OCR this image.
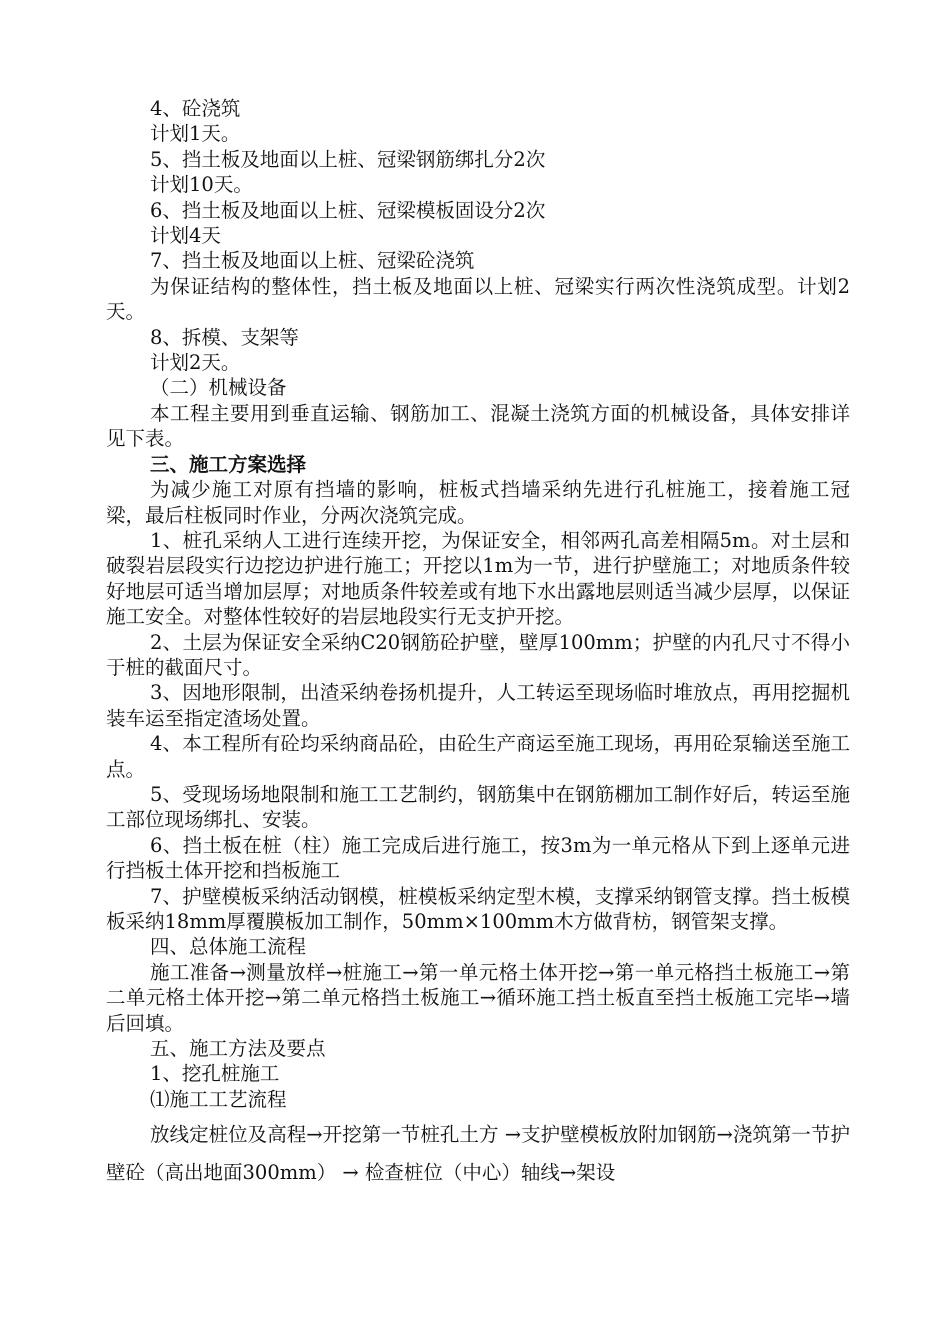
4、砼浇筑

计划1天。

5、挡土板及地面以上桩、冠梁钢筋绑扎分2次

计划10天。

6、挡土板及地面以上桩、冠梁模板固设分2次

计划4天

7、挡土板及地面以上桩、冠梁砼浇筑

为保证结构的整体性，挡土板及地面以上桩、冠梁实行两次性浇筑成型。计划2天。

8、拆模、支架等

计划2天。

（二）机械设备

本工程主要用到垂直运输、钢筋加工、混凝土浇筑方面的机械设备，具体安排详见下表。

三、施工方案选择

为减少施工对原有挡墙的影响，桩板式挡墙采纳先进行孔桩施工，接着施工冠梁，最后柱板同时作业，分两次浇筑完成。

1、桩孔采纳人工进行连续开挖，为保证安全，相邻两孔高差相隔5m。对土层和破裂岩层段实行边挖边护进行施工；开挖以1m为一节，进行护壁施工；对地质条件较好地层可适当增加层厚；对地质条件较差或有地下水出露地层则适当减少层厚，以保证施工安全。对整体性较好的岩层地段实行无支护开挖。

2、土层为保证安全采纳C20钢筋砼护壁，壁厚100mm；护壁的内孔尺寸不得小于桩的截面尺寸。

3、因地形限制，出渣采纳卷扬机提升，人工转运至现场临时堆放点，再用挖掘机装车运至指定渣场处置。

4、本工程所有砼均采纳商品砼，由砼生产商运至施工现场，再用砼泵输送至施工点。

5、受现场场地限制和施工工艺制约，钢筋集中在钢筋棚加工制作好后，转运至施工部位现场绑扎、安装。

6、挡土板在桩（柱）施工完成后进行施工，按3m为一单元格从下到上逐单元进行挡板土体开挖和挡板施工

7、护壁模板采纳活动钢模，桩模板采纳定型木模，支撑采纳钢管支撑。挡土板模板采纳18mm厚覆膜板加工制作，50mm×100mm木方做背枋，钢管架支撑。

四、总体施工流程

施工准备→测量放样→桩施工→第一单元格土体开挖→第一单元格挡土板施工→第二单元格土体开挖→第二单元格挡土板施工→循环施工挡土板直至挡土板施工完毕→墙后回填。

五、施工方法及要点

1、挖孔桩施工

⑴施工工艺流程

放线定桩位及高程→开挖第一节桩孔土方 →支护壁模板放附加钢筋→浇筑第一节护壁砼（高出地面300mm） → 检查桩位（中心）轴线→架设
